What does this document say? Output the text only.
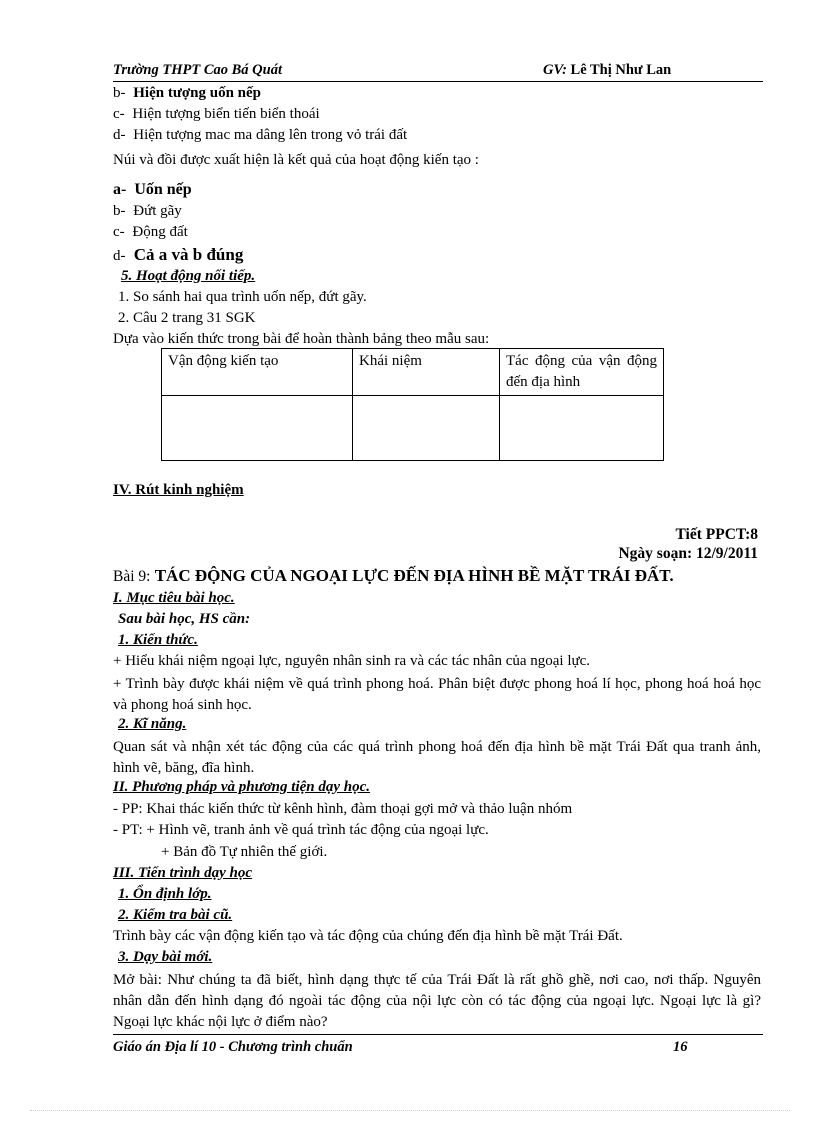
Trường THPT Cao Bá Quát	GV: Lê Thị Như Lan
b- Hiện tượng uốn nếp
c- Hiện tượng biển tiến biển thoái
d- Hiện tượng mac ma dâng lên trong vỏ trái đất
Núi và đồi được xuất hiện là kết quả của hoạt động kiến tạo :
a- Uốn nếp
b- Đứt gãy
c- Động đất
d- Cả a và b đúng
5. Hoạt động nối tiếp.
1. So sánh hai qua trình uốn nếp, đứt gãy.
2. Câu 2 trang 31 SGK
Dựa vào kiến thức trong bài để hoàn thành bảng theo mẫu sau:
Vận động kiến tạo	Khái niệm	Tác động của vận động đến địa hình

IV. Rút kinh nghiệm
Tiết PPCT:8
Ngày soạn: 12/9/2011
Bài 9: TÁC ĐỘNG CỦA NGOẠI LỰC ĐẾN ĐỊA HÌNH BỀ MẶT TRÁI ĐẤT.
I. Mục tiêu bài học.
Sau bài học, HS cần:
1. Kiến thức.
+ Hiểu khái niệm ngoại lực, nguyên nhân sinh ra và các tác nhân của ngoại lực.
+ Trình bày được khái niệm về quá trình phong hoá. Phân biệt được phong hoá lí học, phong hoá hoá học và phong hoá sinh học.
2. Kĩ năng.
Quan sát và nhận xét tác động của các quá trình phong hoá đến địa hình bề mặt Trái Đất qua tranh ảnh, hình vẽ, băng, đĩa hình.
II. Phương pháp và phương tiện dạy học.
- PP: Khai thác kiến thức từ kênh hình, đàm thoại gợi mở và thảo luận nhóm
- PT: + Hình vẽ, tranh ảnh về quá trình tác động của ngoại lực.
+ Bản đồ Tự nhiên thế giới.
III. Tiến trình dạy học
1. Ổn định lớp.
2. Kiểm tra bài cũ.
Trình bày các vận động kiến tạo và tác động của chúng đến địa hình bề mặt Trái Đất.
3. Dạy bài mới.
Mở bài: Như chúng ta đã biết, hình dạng thực tế của Trái Đất là rất ghồ ghề, nơi cao, nơi thấp. Nguyên nhân dẫn đến hình dạng đó ngoài tác động của nội lực còn có tác động của ngoại lực. Ngoại lực là gì? Ngoại lực khác nội lực ở điểm nào?
Giáo án Địa lí 10 - Chương trình chuẩn	16
